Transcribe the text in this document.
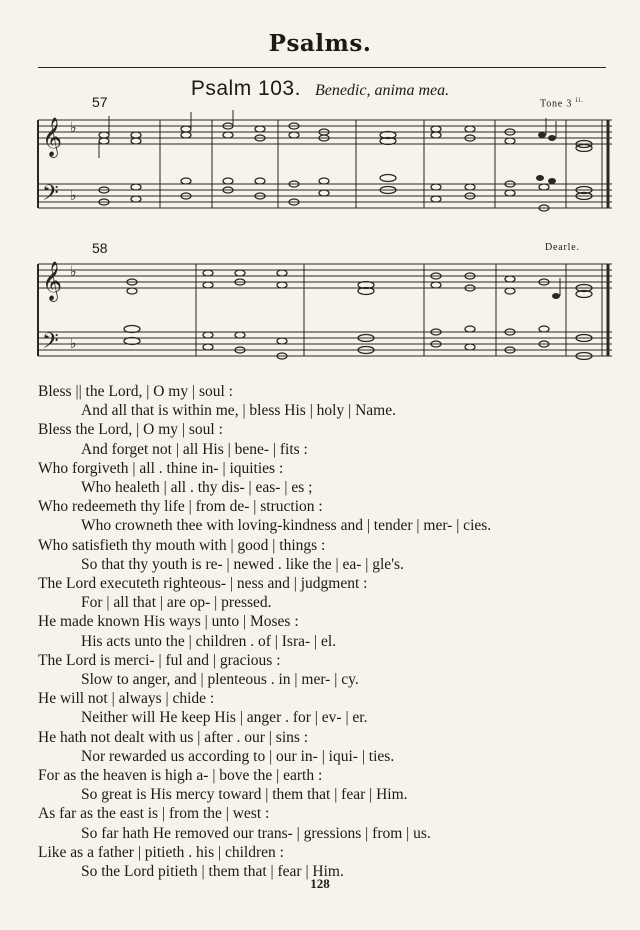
Psalms.
Psalm 103. Benedic, anima mea.
57	Tone 3 $^{ii.}$
𝄞 ♭
𝄢 ♭
58	Dearle.
𝄞 ♭
𝄢 ♭
Bless || the Lord, | O my | soul :
And all that is within me, | bless His | holy | Name.
Bless the Lord, | O my | soul :
And forget not | all His | bene- | fits :
Who forgiveth | all . thine in- | iquities :
Who healeth | all . thy dis- | eas- | es ;
Who redeemeth thy life | from de- | struction :
Who crowneth thee with loving-kindness and | tender | mer- | cies.
Who satisfieth thy mouth with | good | things :
So that thy youth is re- | newed . like the | ea- | gle's.
The Lord executeth righteous- | ness and | judgment :
For | all that | are op- | pressed.
He made known His ways | unto | Moses :
His acts unto the | children . of | Isra- | el.
The Lord is merci- | ful and | gracious :
Slow to anger, and | plenteous . in | mer- | cy.
He will not | always | chide :
Neither will He keep His | anger . for | ev- | er.
He hath not dealt with us | after . our | sins :
Nor rewarded us according to | our in- | iqui- | ties.
For as the heaven is high a- | bove the | earth :
So great is His mercy toward | them that | fear | Him.
As far as the east is | from the | west :
So far hath He removed our trans- | gressions | from | us.
Like as a father | pitieth . his | children :
So the Lord pitieth | them that | fear | Him.
128
